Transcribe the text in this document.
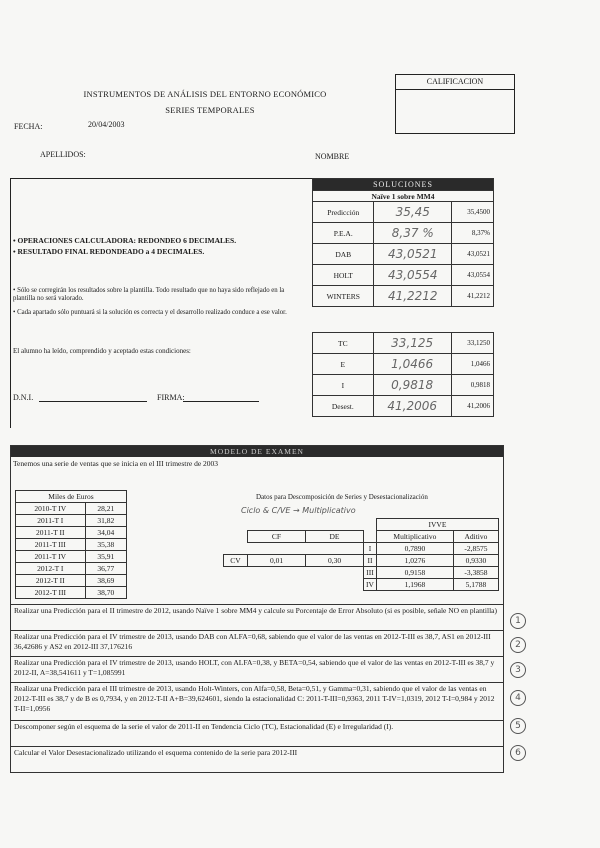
INSTRUMENTOS DE ANÁLISIS DEL ENTORNO ECONÓMICO
SERIES TEMPORALES
CALIFICACION
FECHA:	20/04/2003
APELLIDOS:	NOMBRE
• OPERACIONES CALCULADORA: REDONDEO 6 DECIMALES.
• RESULTADO FINAL REDONDEADO a 4 DECIMALES.
• Sólo se corregirán los resultados sobre la plantilla. Todo resultado que no haya sido reflejado en la plantilla no será valorado.
• Cada apartado sólo puntuará si la solución es correcta y el desarrollo realizado conduce a ese valor.
El alumno ha leído, comprendido y aceptado estas condiciones:
D.N.I.	FIRMA:
SOLUCIONES		
Naïve 1 sobre MM4		
Predicción	35,45	35,4500
P.E.A.	8,37 %	8,37%
DAB	43,0521	43,0521
HOLT	43,0554	43,0554
WINTERS	41,2212	41,2212
TC	33,125	33,1250
E	1,0466	1,0466
I	0,9818	0,9818
Desest.	41,2006	41,2006
MODELO DE EXAMEN
Tenemos una serie de ventas que se inicia en el III trimestre de 2003
Miles de Euros	
2010-T IV	28,21
2011-T I	31,82
2011-T II	34,04
2011-T III	35,38
2011-T IV	35,91
2012-T I	36,77
2012-T II	38,69
2012-T III	38,70
Datos para Descomposición de Series y Desestacionalización
Ciclo & C/VE → Multiplicativo
				IVVE	
	CF	DE		Multiplicativo	Aditivo
			I	0,7890	-2,8575
CV	0,01	0,30	II	1,0276	0,9330
			III	0,9158	-3,3858
			IV	1,1968	5,1788
Realizar una Predicción para el II trimestre de 2012, usando Naïve 1 sobre MM4 y calcule su Porcentaje de Error Absoluto (si es posible, señale NO en plantilla)
Realizar una Predicción para el IV trimestre de 2013, usando DAB con ALFA=0,68, sabiendo que el valor de las ventas en 2012-T-III es 38,7, AS1 en 2012-III 36,42686 y AS2 en 2012-III 37,176216
Realizar una Predicción para el IV trimestre de 2013, usando HOLT, con ALFA=0,38, y BETA=0,54, sabiendo que el valor de las ventas en 2012-T-III es 38,7 y 2012-II, A=38,541611 y T=1,085991
Realizar una Predicción para el III trimestre de 2013, usando Holt-Winters, con Alfa=0,58, Beta=0,51, y Gamma=0,31, sabiendo que el valor de las ventas en 2012-T-III es 38,7 y de B es 0,7934, y en 2012-T-II A+B=39,624601, siendo la estacionalidad C: 2011-T-III=0,9363, 2011 T-IV=1,0319, 2012 T-I=0,984 y 2012 T-II=1,0956
Descomponer según el esquema de la serie el valor de 2011-II en Tendencia Ciclo (TC), Estacionalidad (E) e Irregularidad (I).
Calcular el Valor Desestacionalizado utilizando el esquema contenido de la serie para 2012-III
1
2
3
4
5
6
